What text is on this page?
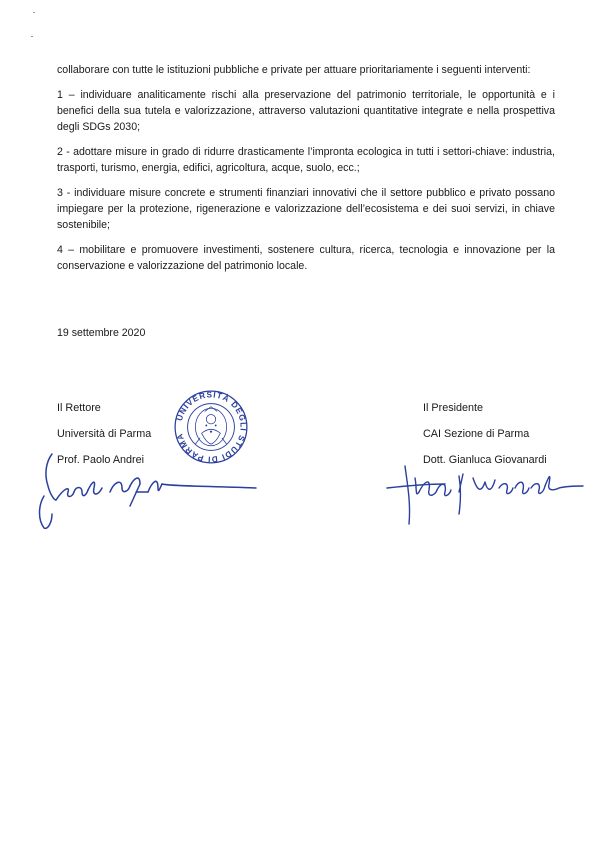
collaborare con tutte le istituzioni pubbliche e private per attuare prioritariamente i seguenti interventi:

1 – individuare analiticamente rischi alla preservazione del patrimonio territoriale, le opportunità e i benefici della sua tutela e valorizzazione, attraverso valutazioni quantitative integrate e nella prospettiva degli SDGs 2030;

2 - adottare misure in grado di ridurre drasticamente l’impronta ecologica in tutti i settori-chiave: industria, trasporti, turismo, energia, edifici, agricoltura, acque, suolo, ecc.;

3 - individuare misure concrete e strumenti finanziari innovativi che il settore pubblico e privato possano impiegare per la protezione, rigenerazione e valorizzazione dell’ecosistema e dei suoi servizi, in chiave sostenibile;

4 – mobilitare e promuovere investimenti, sostenere cultura, ricerca, tecnologia e innovazione per la conservazione e valorizzazione del patrimonio locale.

19 settembre 2020
Il Rettore
Università di Parma
Prof. Paolo Andrei
Il Presidente
CAI Sezione di Parma
Dott. Gianluca Giovanardi
UNIVERSITÀ DEGLI STUDI DI PARMA
